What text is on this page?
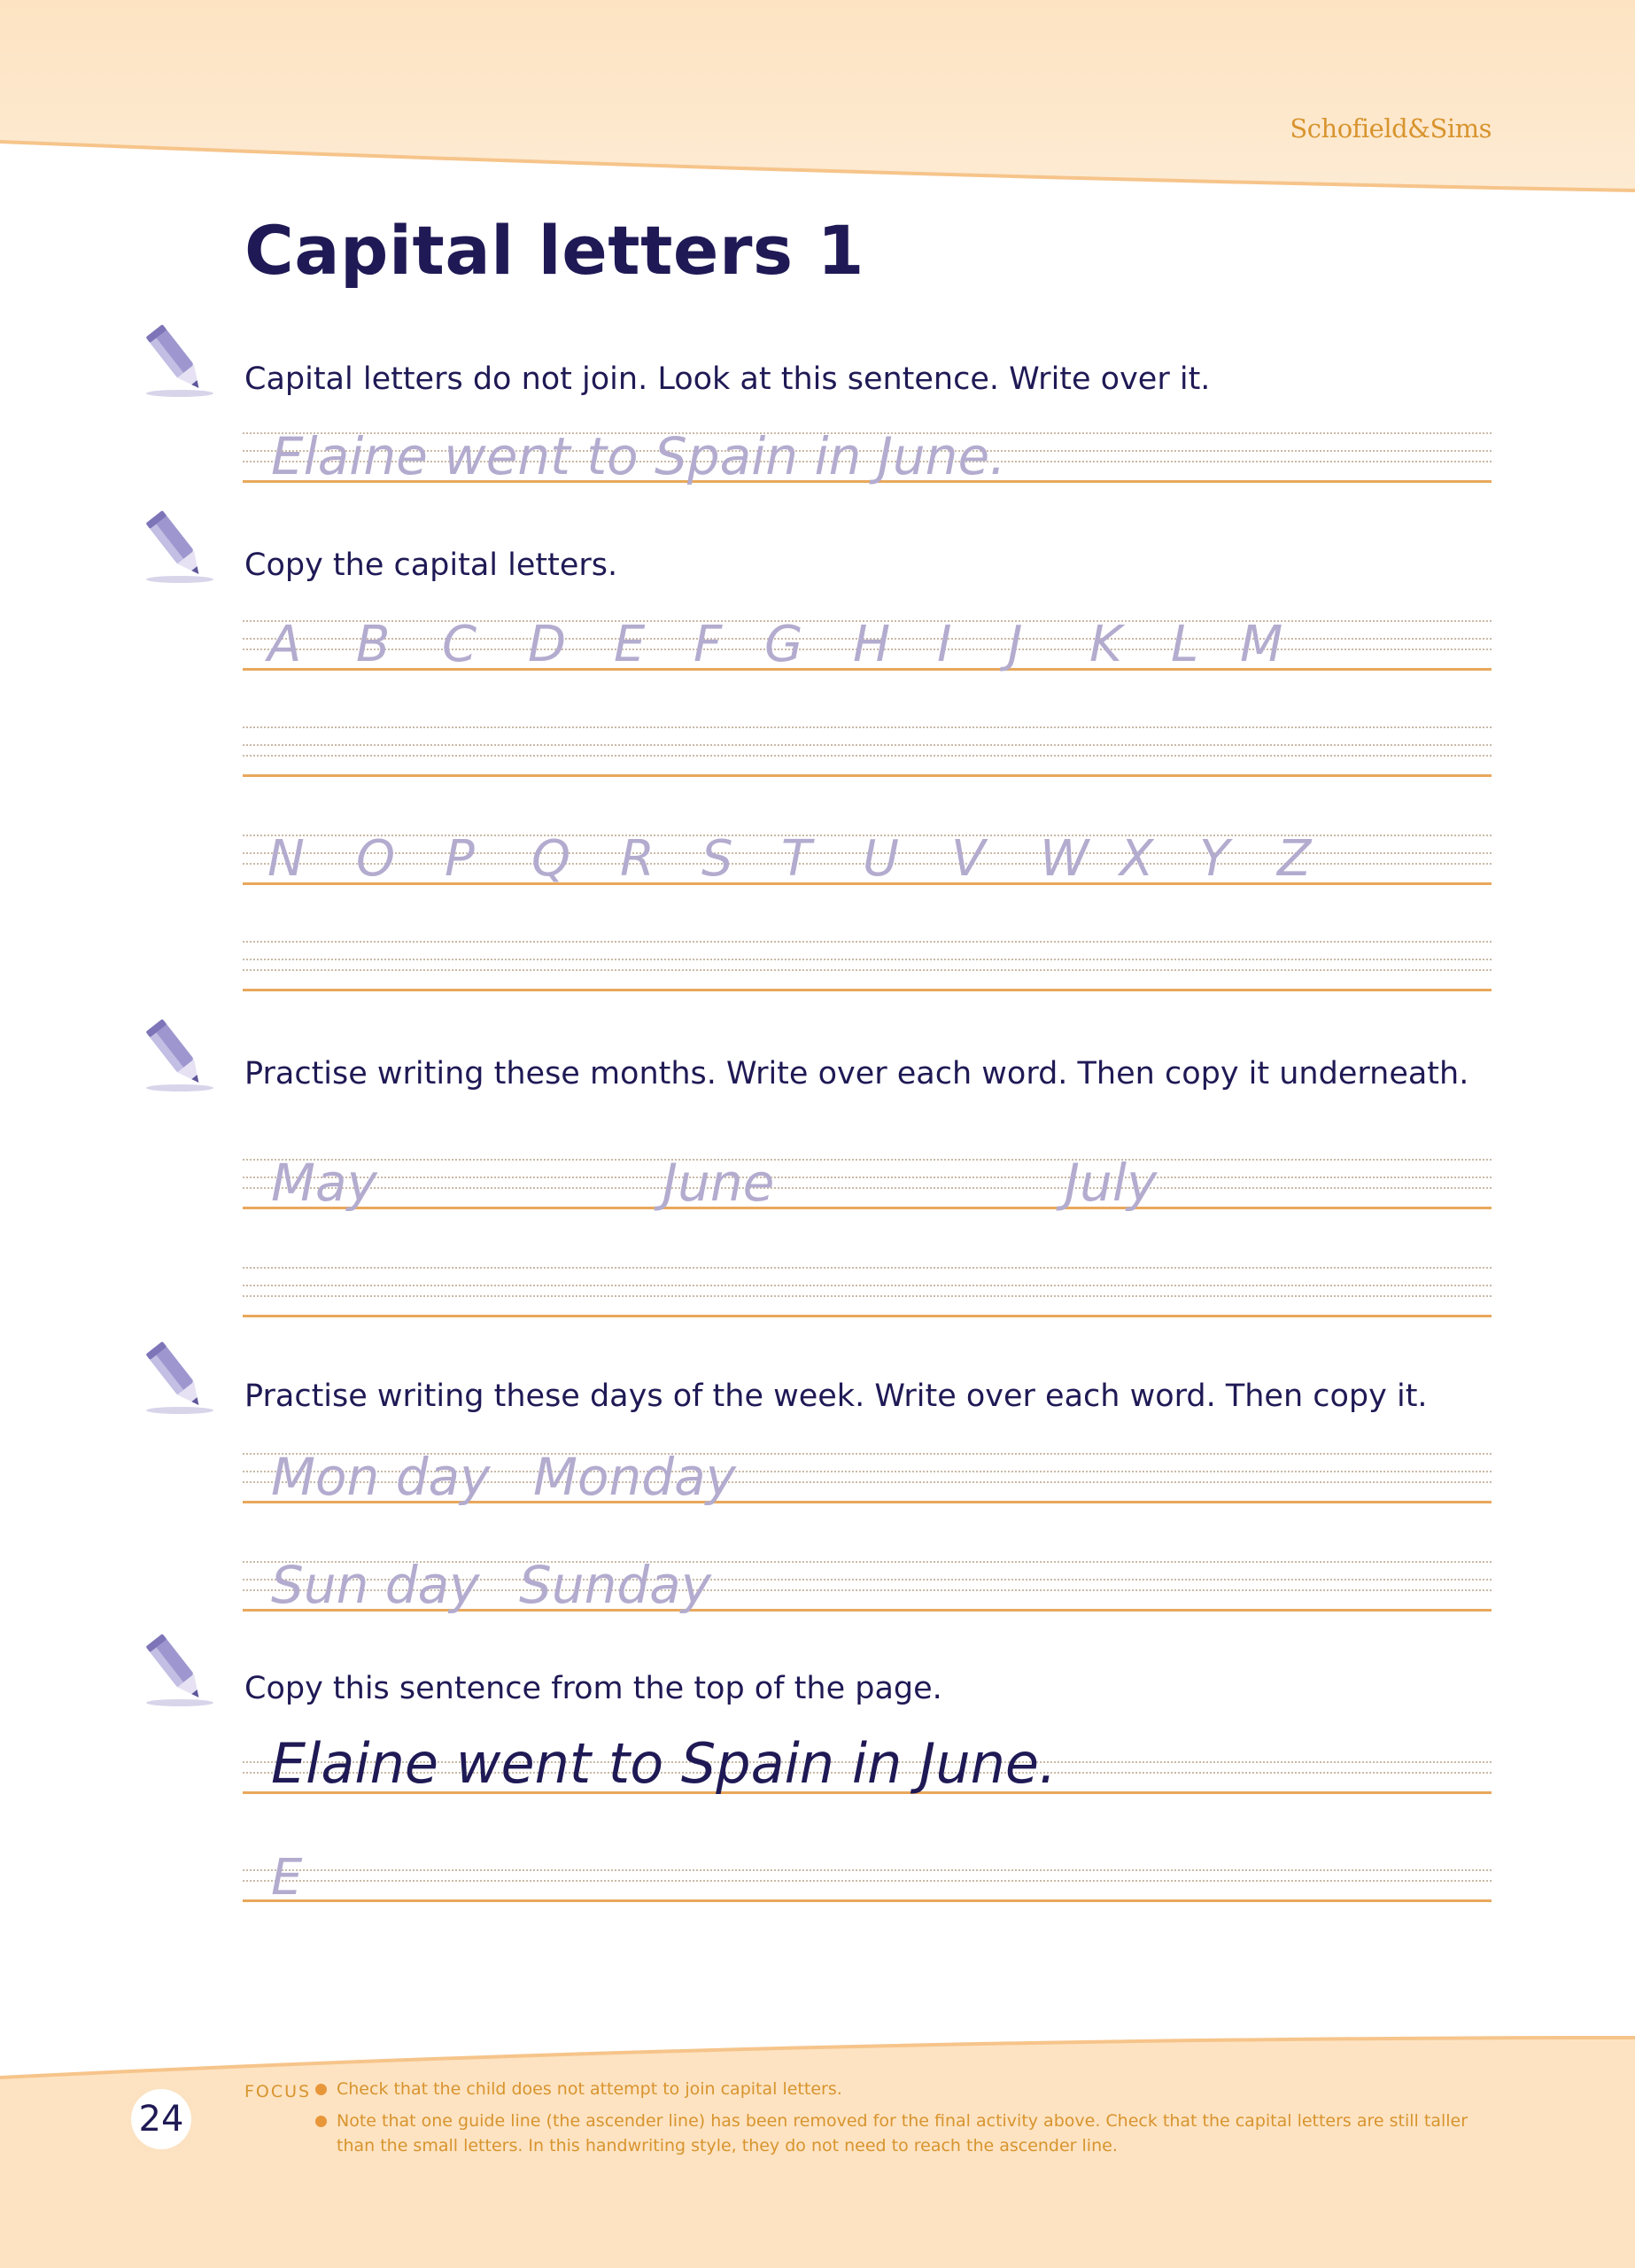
Schofield&Sims
Capital letters 1
Capital letters do not join. Look at this sentence. Write over it.
Elaine went to Spain in June.
Copy the capital letters.
A B C D E F G H I J K L M
N O P Q R S T U V W X Y Z
Practise writing these months. Write over each word. Then copy it underneath.
May	June	July
Practise writing these days of the week. Write over each word. Then copy it.
Mon day Monday
Sun day Sunday
Copy this sentence from the top of the page.
Elaine went to Spain in June.
E
24
FOCUS Check that the child does not attempt to join capital letters.
Note that one guide line (the ascender line) has been removed for the final activity above. Check that the capital letters are still taller than the small letters. In this handwriting style, they do not need to reach the ascender line.
